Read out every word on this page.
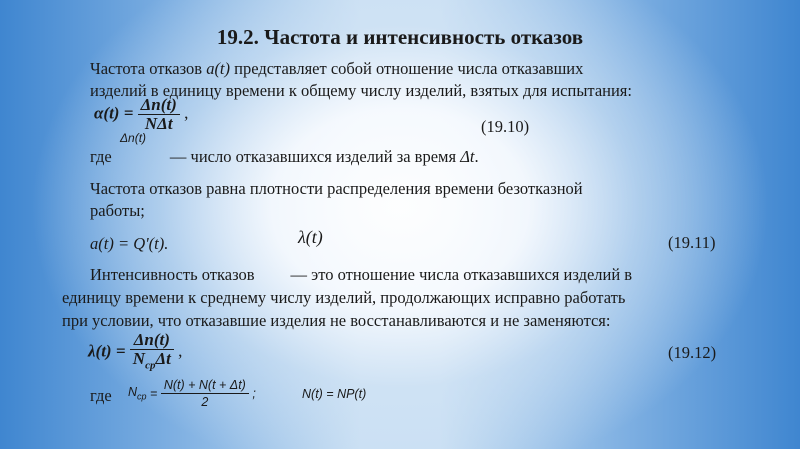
19.2. Частота и интенсивность отказов
Частота отказов a(t) представляет собой отношение числа отказавших
изделий в единицу времени к общему числу изделий, взятых для испытания:
$\alpha(t) = \frac{\Delta n(t)}{\text{NΔt}}$ ,
Δn(t)
(19.10)
где	— число отказавшихся изделий за время Δt.
Частота отказов равна плотности распределения времени безотказной
работы;
a(t) = Q'(t).	λ(t)	(19.11)
Интенсивность отказов — это отношение числа отказавшихся изделий в
единицу времени к среднему числу изделий, продолжающих исправно работать
при условии, что отказавшие изделия не восстанавливаются и не заменяются:
$\lambda(t) = \frac{\Delta n(t)}{N_{cp}\Delta t}$ ,	(19.12)
где $N_{cp} = \frac{N(t) + N(t + \Delta t)}{2}$ ;	N(t) = NP(t)
